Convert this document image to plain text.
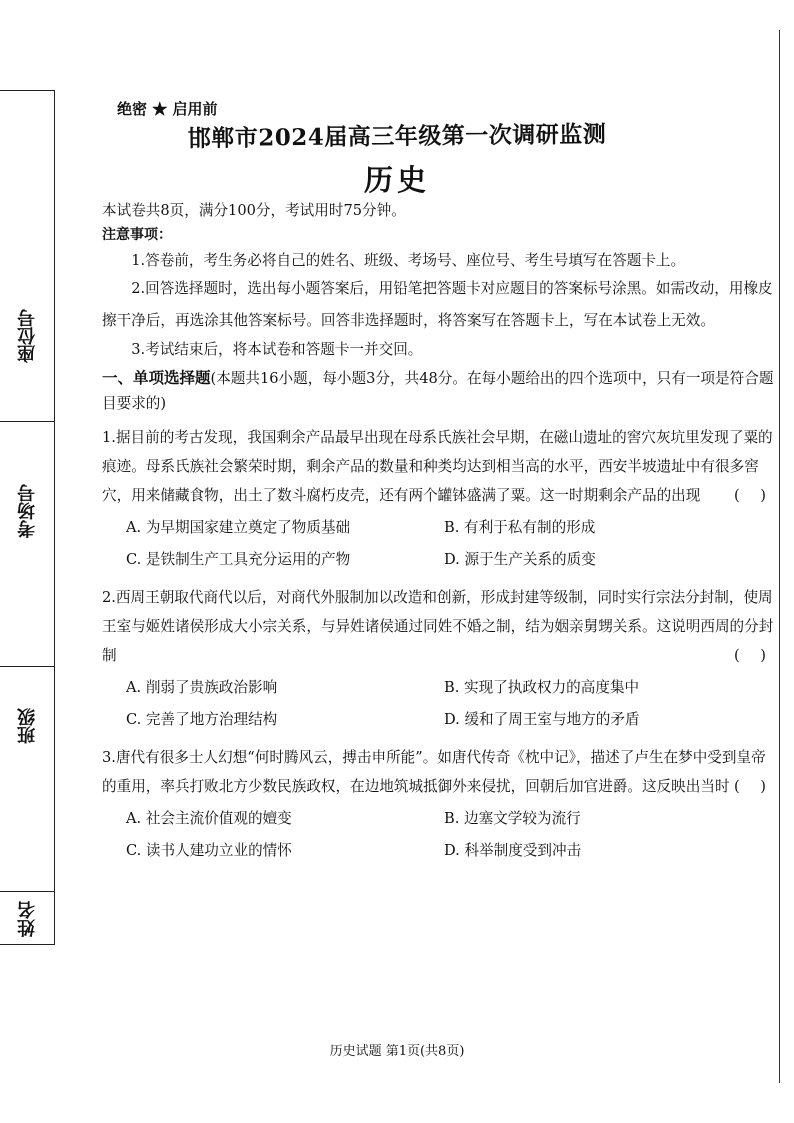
座位号
考场号
班级
姓名
绝密 ★ 启用前
邯郸市2024届高三年级第一次调研监测
历史

本试卷共8页，满分100分，考试用时75分钟。

注意事项：

1.答卷前，考生务必将自己的姓名、班级、考场号、座位号、考生号填写在答题卡上。

2.回答选择题时，选出每小题答案后，用铅笔把答题卡对应题目的答案标号涂黑。如需改动，用橡皮擦干净后，再选涂其他答案标号。回答非选择题时，将答案写在答题卡上，写在本试卷上无效。

3.考试结束后，将本试卷和答题卡一并交回。

一、单项选择题(本题共16小题，每小题3分，共48分。在每小题给出的四个选项中，只有一项是符合题目要求的)
1.据目前的考古发现，我国剩余产品最早出现在母系氏族社会早期，在磁山遗址的窖穴灰坑里发现了粟的痕迹。母系氏族社会繁荣时期，剩余产品的数量和种类均达到相当高的水平，西安半坡遗址中有很多窖穴，用来储藏食物，出土了数斗腐朽皮壳，还有两个罐钵盛满了粟。这一时期剩余产品的出现 ( )
A. 为早期国家建立奠定了物质基础	B. 有利于私有制的形成
C. 是铁制生产工具充分运用的产物	D. 源于生产关系的质变
2.西周王朝取代商代以后，对商代外服制加以改造和创新，形成封建等级制，同时实行宗法分封制，使周王室与姬姓诸侯形成大小宗关系，与异姓诸侯通过同姓不婚之制，结为姻亲舅甥关系。这说明西周的分封制	( )
A. 削弱了贵族政治影响	B. 实现了执政权力的高度集中
C. 完善了地方治理结构	D. 缓和了周王室与地方的矛盾
3.唐代有很多士人幻想“何时腾风云，搏击申所能”。如唐代传奇《枕中记》，描述了卢生在梦中受到皇帝的重用，率兵打败北方少数民族政权，在边地筑城抵御外来侵扰，回朝后加官进爵。这反映出当时 ( )
A. 社会主流价值观的嬗变	B. 边塞文学较为流行
C. 读书人建功立业的情怀	D. 科举制度受到冲击
历史试题 第1页(共8页)
